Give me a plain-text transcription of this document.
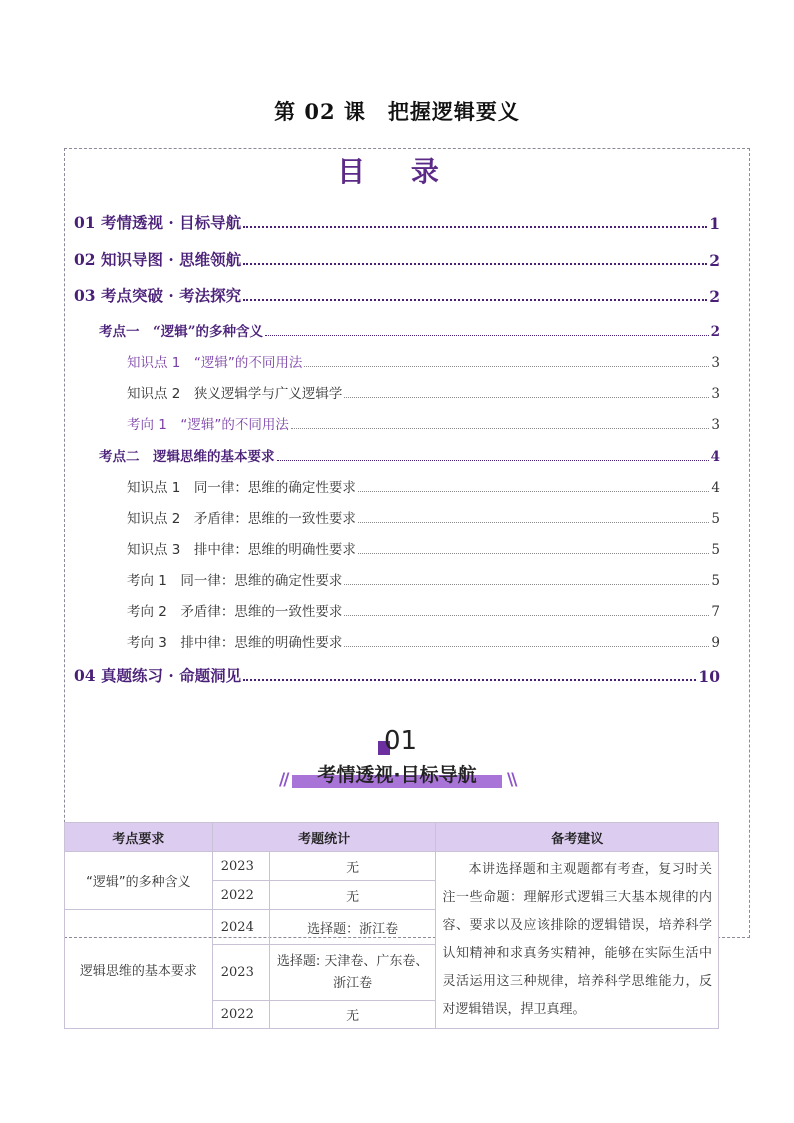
第 02 课　把握逻辑要义
目 录
01 考情透视 · 目标导航	1
02 知识导图 · 思维领航	2
03 考点突破 · 考法探究	2
考点一　“逻辑”的多种含义	2
知识点 1　“逻辑”的不同用法	3
知识点 2　狭义逻辑学与广义逻辑学	3
考向 1　“逻辑”的不同用法	3
考点二　逻辑思维的基本要求	4
知识点 1　同一律：思维的确定性要求	4
知识点 2　矛盾律：思维的一致性要求	5
知识点 3　排中律：思维的明确性要求	5
考向 1　同一律：思维的确定性要求	5
考向 2　矛盾律：思维的一致性要求	7
考向 3　排中律：思维的明确性要求	9
04 真题练习 · 命题洞见	10
01
//	\\
考情透视·目标导航
考点要求	考题统计		备考建议
“逻辑”的多种含义	2023	无	本讲选择题和主观题都有考查，复习时关注一些命题：理解形式逻辑三大基本规律的内容、要求以及应该排除的逻辑错误，培养科学认知精神和求真务实精神，能够在实际生活中灵活运用这三种规律，培养科学思维能力，反对逻辑错误，捍卫真理。
	2022	无	
逻辑思维的基本要求	2024	选择题：浙江卷	
	2023	选择题: 天津卷、广东卷、浙江卷	
	2022	无	
